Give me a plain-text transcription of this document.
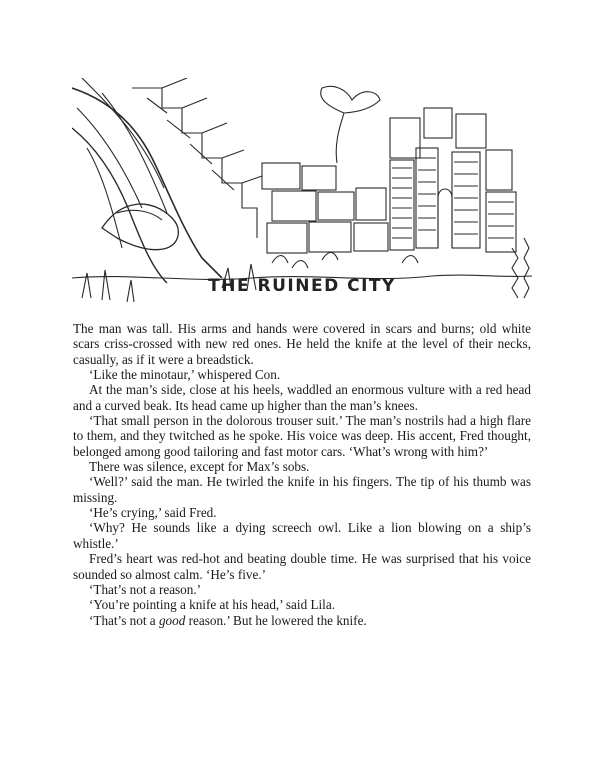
THE RUINED CITY

The man was tall. His arms and hands were covered in scars and burns; old white scars criss-crossed with new red ones. He held the knife at the level of their necks, casually, as if it were a breadstick.

‘Like the minotaur,’ whispered Con.

At the man’s side, close at his heels, waddled an enormous vulture with a red head and a curved beak. Its head came up higher than the man’s knees.

‘That small person in the dolorous trouser suit.’ The man’s nostrils had a high flare to them, and they twitched as he spoke. His voice was deep. His accent, Fred thought, belonged among good tailoring and fast motor cars. ‘What’s wrong with him?’

There was silence, except for Max’s sobs.

‘Well?’ said the man. He twirled the knife in his fingers. The tip of his thumb was missing.

‘He’s crying,’ said Fred.

‘Why? He sounds like a dying screech owl. Like a lion blowing on a ship’s whistle.’

Fred’s heart was red-hot and beating double time. He was surprised that his voice sounded so almost calm. ‘He’s five.’

‘That’s not a reason.’

‘You’re pointing a knife at his head,’ said Lila.

‘That’s not a good reason.’ But he lowered the knife.
